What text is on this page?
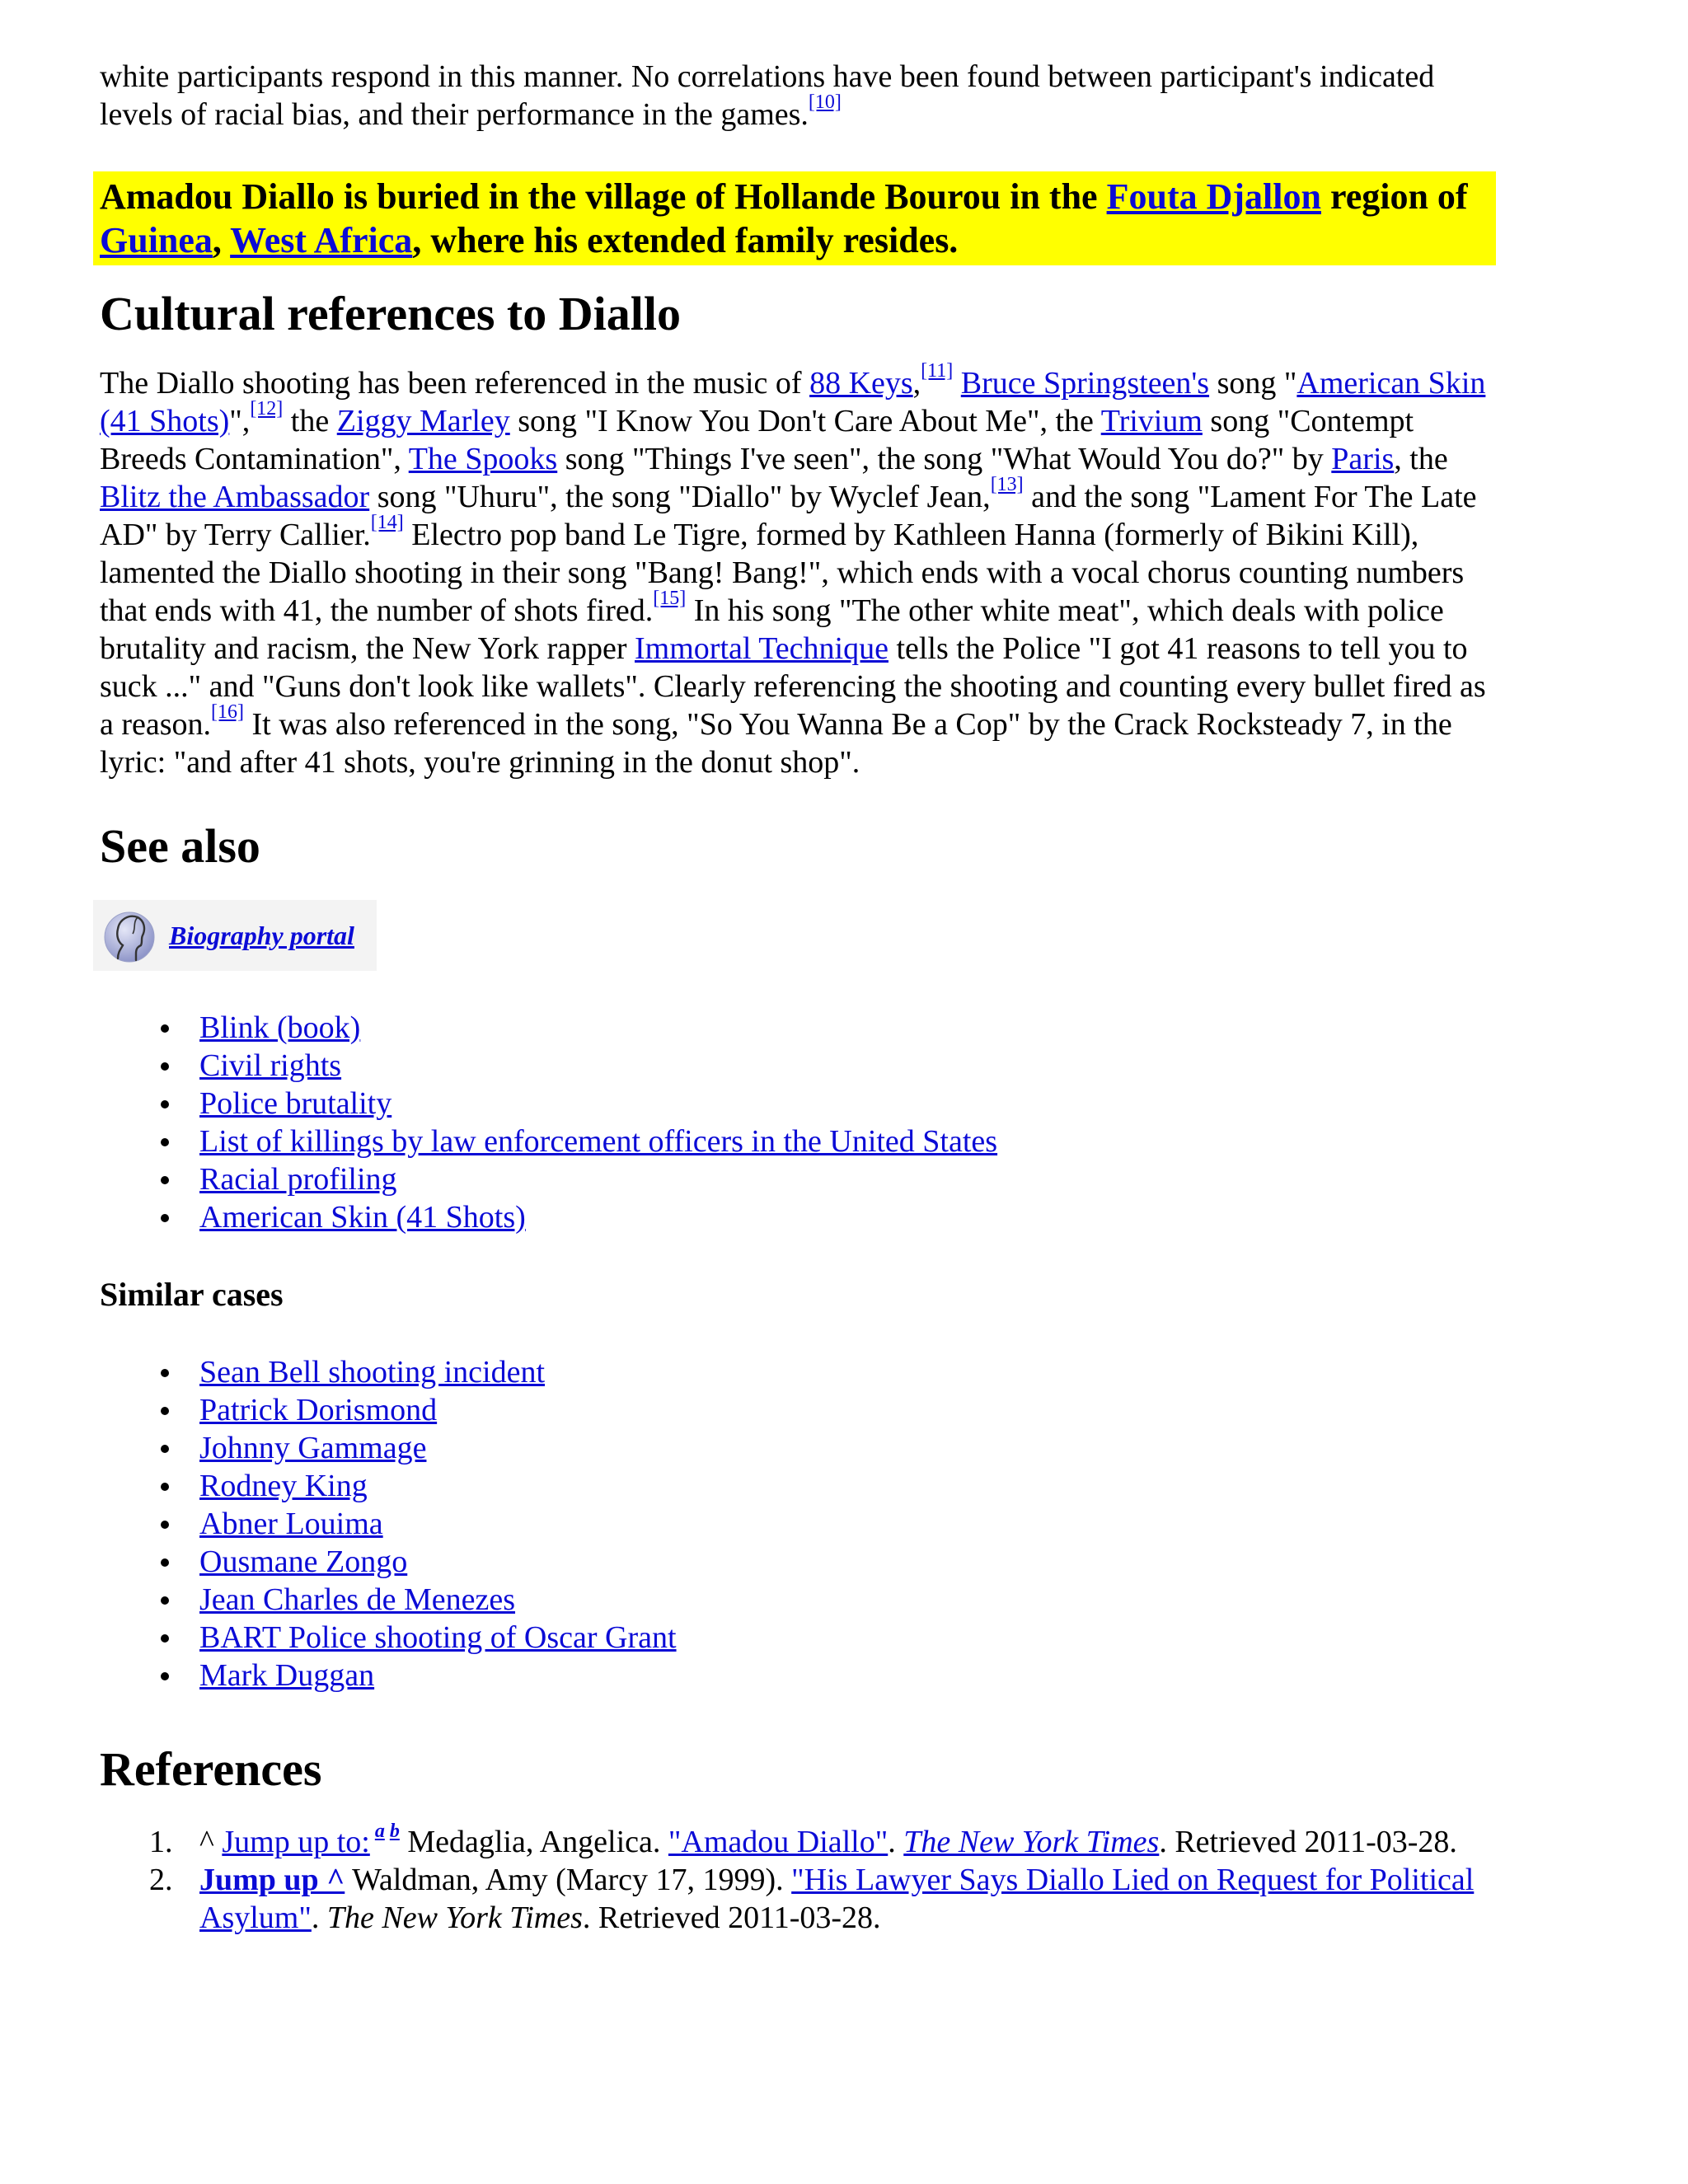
white participants respond in this manner. No correlations have been found between participant's indicated levels of racial bias, and their performance in the games.[10]

Amadou Diallo is buried in the village of Hollande Bourou in the Fouta Djallon region of Guinea, West Africa, where his extended family resides.

Cultural references to Diallo

The Diallo shooting has been referenced in the music of 88 Keys,[11] Bruce Springsteen's song "American Skin (41 Shots)",[12] the Ziggy Marley song "I Know You Don't Care About Me", the Trivium song "Contempt Breeds Contamination", The Spooks song "Things I've seen", the song "What Would You do?" by Paris, the Blitz the Ambassador song "Uhuru", the song "Diallo" by Wyclef Jean,[13] and the song "Lament For The Late AD" by Terry Callier.[14] Electro pop band Le Tigre, formed by Kathleen Hanna (formerly of Bikini Kill), lamented the Diallo shooting in their song "Bang! Bang!", which ends with a vocal chorus counting numbers that ends with 41, the number of shots fired.[15] In his song "The other white meat", which deals with police brutality and racism, the New York rapper Immortal Technique tells the Police "I got 41 reasons to tell you to suck ..." and "Guns don't look like wallets". Clearly referencing the shooting and counting every bullet fired as a reason.[16] It was also referenced in the song, "So You Wanna Be a Cop" by the Crack Rocksteady 7, in the lyric: "and after 41 shots, you're grinning in the donut shop".

See also
Biography portal
Blink (book)
Civil rights
Police brutality
List of killings by law enforcement officers in the United States
Racial profiling
American Skin (41 Shots)
Similar cases
Sean Bell shooting incident
Patrick Dorismond
Johnny Gammage
Rodney King
Abner Louima
Ousmane Zongo
Jean Charles de Menezes
BART Police shooting of Oscar Grant
Mark Duggan
References
1. ^ Jump up to: $^{a b}$ Medaglia, Angelica. "Amadou Diallo". The New York Times. Retrieved 2011-03-28.
2. Jump up ^ Waldman, Amy (Marcy 17, 1999). "His Lawyer Says Diallo Lied on Request for Political Asylum". The New York Times. Retrieved 2011-03-28.
